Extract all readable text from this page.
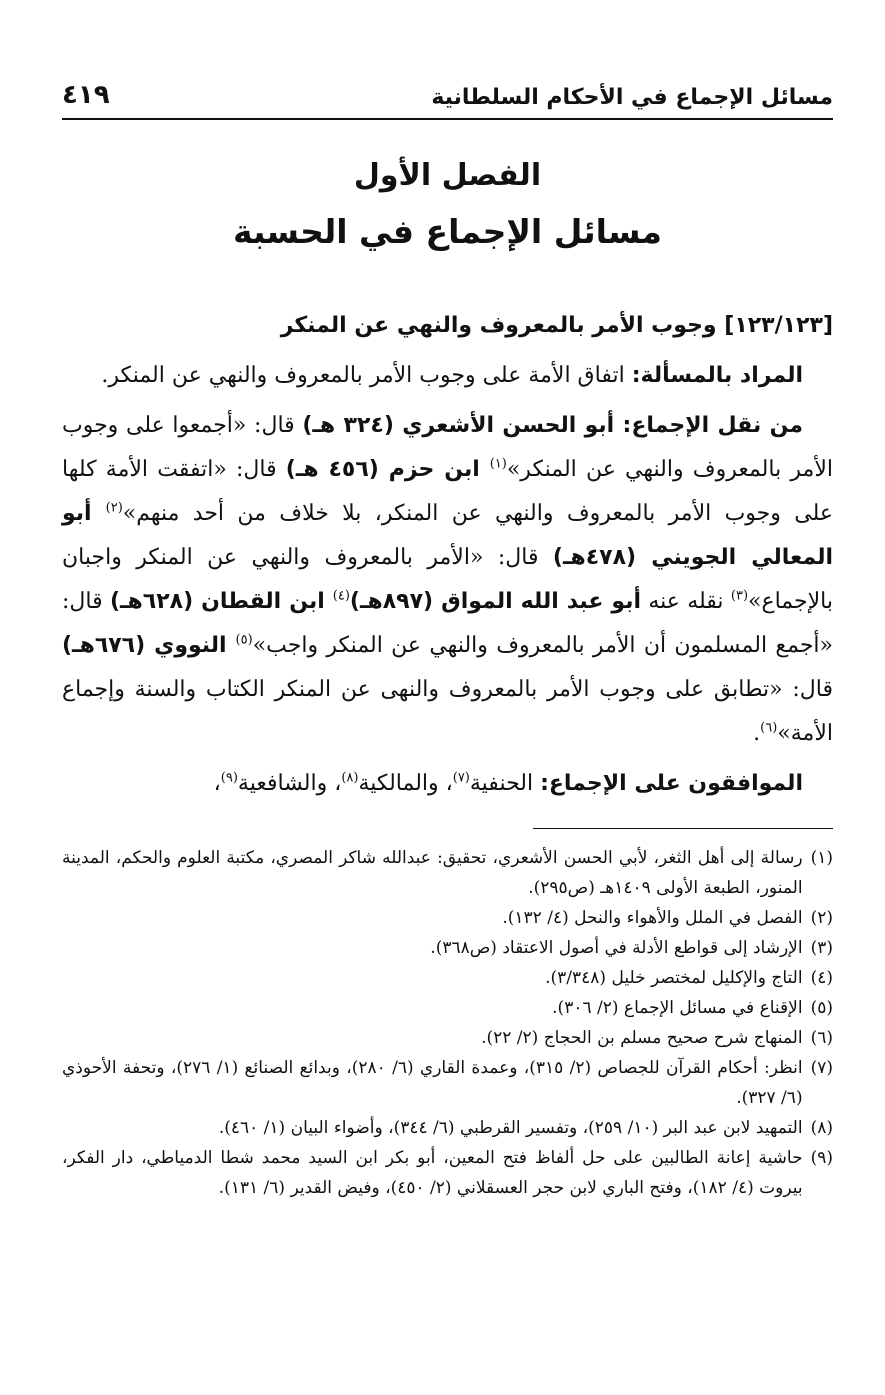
مسائل الإجماع في الأحكام السلطانية
٤١٩
الفصل الأول
مسائل الإجماع في الحسبة
[١٢٣/١٢٣] وجوب الأمر بالمعروف والنهي عن المنكر

المراد بالمسألة: اتفاق الأمة على وجوب الأمر بالمعروف والنهي عن المنكر.

من نقل الإجماع: أبو الحسن الأشعري (٣٢٤ هـ) قال: «أجمعوا على وجوب الأمر بالمعروف والنهي عن المنكر»$^{(١)}$ ابن حزم (٤٥٦ هـ) قال: «اتفقت الأمة كلها على وجوب الأمر بالمعروف والنهي عن المنكر، بلا خلاف من أحد منهم»$^{(٢)}$ أبو المعالي الجويني (٤٧٨هـ) قال: «الأمر بالمعروف والنهي عن المنكر واجبان بالإجماع»$^{(٣)}$ نقله عنه أبو عبد الله المواق (٨٩٧هـ)$^{(٤)}$ ابن القطان (٦٢٨هـ) قال: «أجمع المسلمون أن الأمر بالمعروف والنهي عن المنكر واجب»$^{(٥)}$ النووي (٦٧٦هـ) قال: «تطابق على وجوب الأمر بالمعروف والنهى عن المنكر الكتاب والسنة وإجماع الأمة»$^{(٦)}$.

الموافقون على الإجماع: الحنفية$^{(٧)}$، والمالكية$^{(٨)}$، والشافعية$^{(٩)}$،

(١)
رسالة إلى أهل الثغر، لأبي الحسن الأشعري، تحقيق: عبدالله شاكر المصري، مكتبة العلوم والحكم، المدينة المنور، الطبعة الأولى ١٤٠٩هـ (ص٢٩٥).
(٢)
الفصل في الملل والأهواء والنحل (٤/ ١٣٢).
(٣)
الإرشاد إلى قواطع الأدلة في أصول الاعتقاد (ص٣٦٨).
(٤)
التاج والإكليل لمختصر خليل (٣/٣٤٨).
(٥)
الإقناع في مسائل الإجماع (٢/ ٣٠٦).
(٦)
المنهاج شرح صحيح مسلم بن الحجاج (٢/ ٢٢).
(٧)
انظر: أحكام القرآن للجصاص (٢/ ٣١٥)، وعمدة القاري (٦/ ٢٨٠)، وبدائع الصنائع (١/ ٢٧٦)، وتحفة الأحوذي (٦/ ٣٢٧).
(٨)
التمهيد لابن عبد البر (١٠/ ٢٥٩)، وتفسير القرطبي (٦/ ٣٤٤)، وأضواء البيان (١/ ٤٦٠).
(٩)
حاشية إعانة الطالبين على حل ألفاظ فتح المعين، أبو بكر ابن السيد محمد شطا الدمياطي، دار الفكر، بيروت (٤/ ١٨٢)، وفتح الباري لابن حجر العسقلاني (٢/ ٤٥٠)، وفيض القدير (٦/ ١٣١).
